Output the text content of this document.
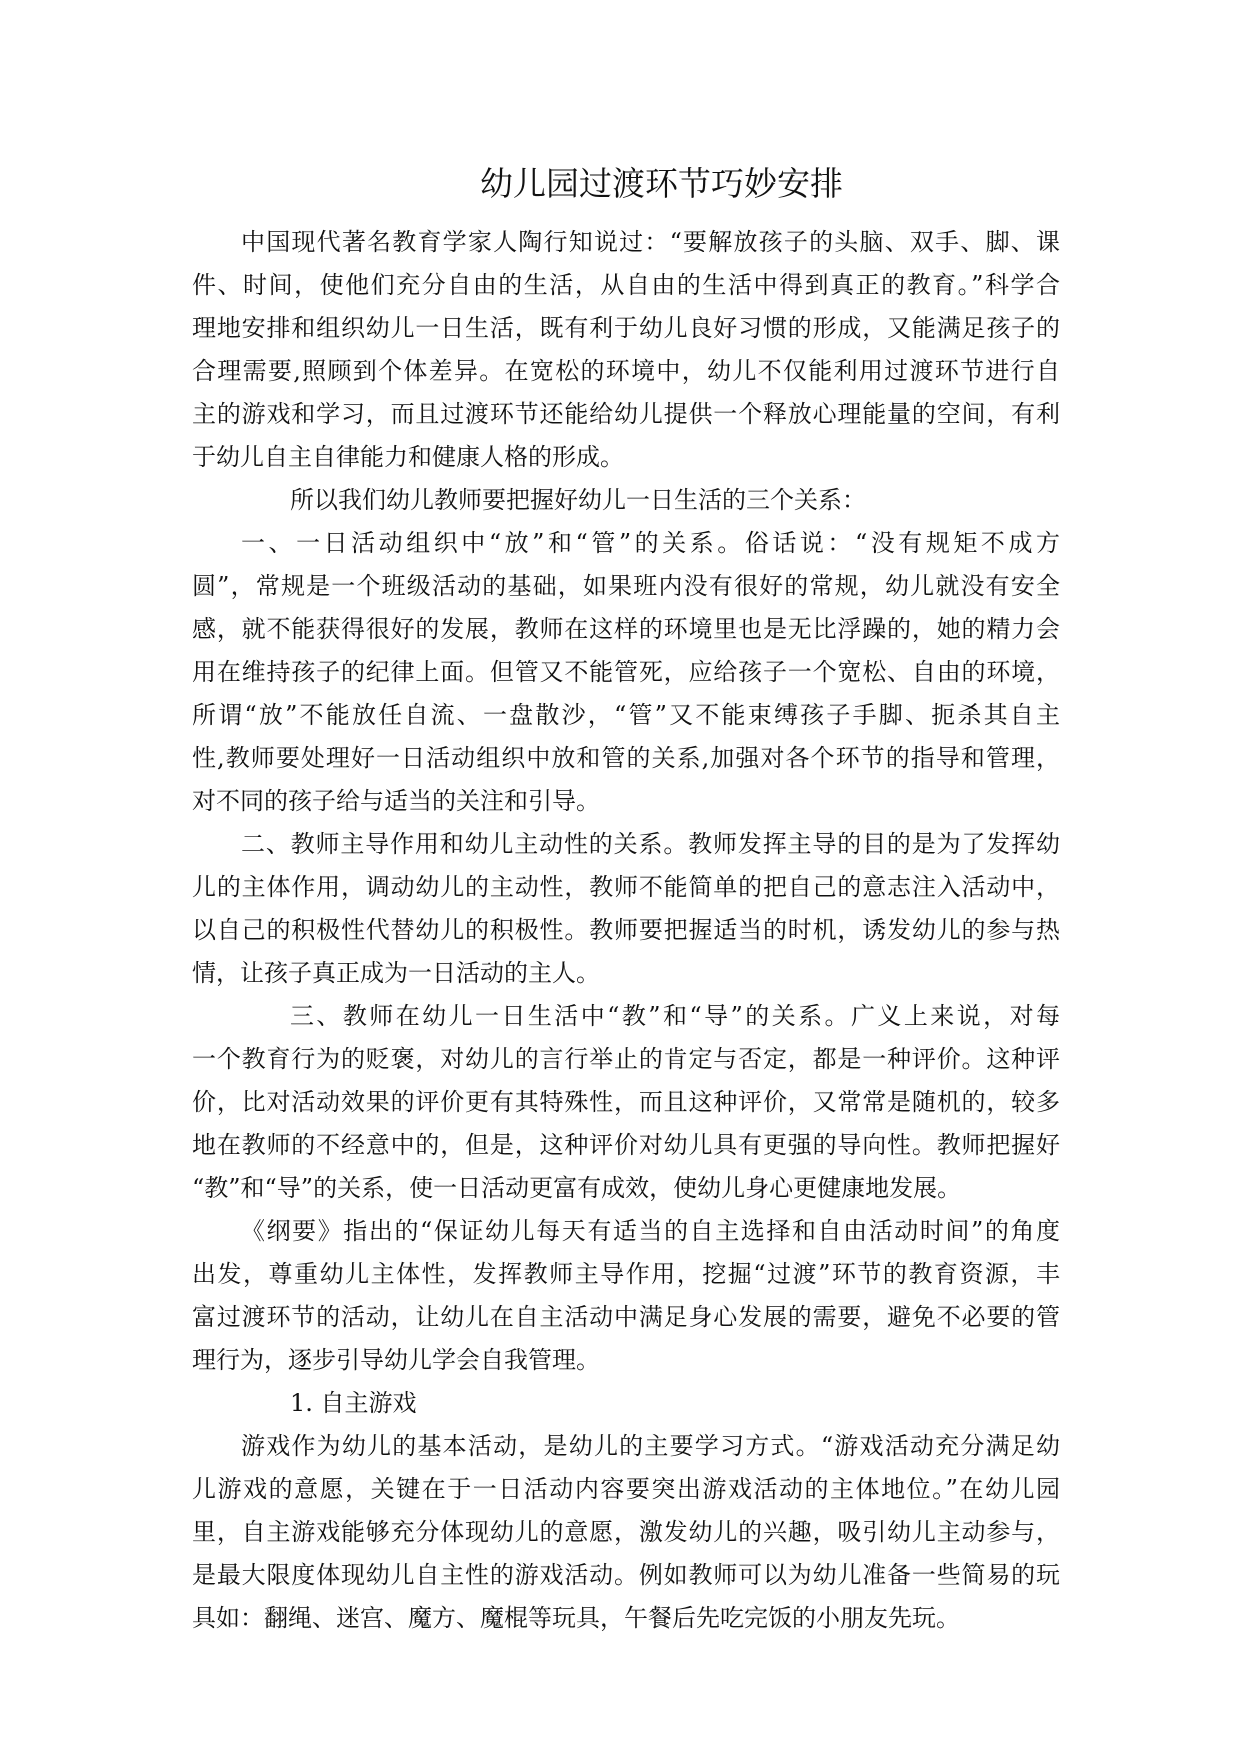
幼儿园过渡环节巧妙安排
中国现代著名教育学家人陶行知说过：“要解放孩子的头脑、双手、脚、课
件、时间，使他们充分自由的生活，从自由的生活中得到真正的教育。”科学合
理地安排和组织幼儿一日生活，既有利于幼儿良好习惯的形成，又能满足孩子的
合理需要,照顾到个体差异。在宽松的环境中，幼儿不仅能利用过渡环节进行自
主的游戏和学习，而且过渡环节还能给幼儿提供一个释放心理能量的空间，有利
于幼儿自主自律能力和健康人格的形成。
所以我们幼儿教师要把握好幼儿一日生活的三个关系：
一、一日活动组织中“放”和“管”的关系。俗话说：“没有规矩不成方
圆”，常规是一个班级活动的基础，如果班内没有很好的常规，幼儿就没有安全
感，就不能获得很好的发展，教师在这样的环境里也是无比浮躁的，她的精力会
用在维持孩子的纪律上面。但管又不能管死，应给孩子一个宽松、自由的环境，
所谓“放”不能放任自流、一盘散沙，“管”又不能束缚孩子手脚、扼杀其自主
性,教师要处理好一日活动组织中放和管的关系,加强对各个环节的指导和管理，
对不同的孩子给与适当的关注和引导。
二、教师主导作用和幼儿主动性的关系。教师发挥主导的目的是为了发挥幼
儿的主体作用，调动幼儿的主动性，教师不能简单的把自己的意志注入活动中，
以自己的积极性代替幼儿的积极性。教师要把握适当的时机，诱发幼儿的参与热
情，让孩子真正成为一日活动的主人。
三、教师在幼儿一日生活中“教”和“导”的关系。广义上来说，对每
一个教育行为的贬褒，对幼儿的言行举止的肯定与否定，都是一种评价。这种评
价，比对活动效果的评价更有其特殊性，而且这种评价，又常常是随机的，较多
地在教师的不经意中的，但是，这种评价对幼儿具有更强的导向性。教师把握好
“教”和“导”的关系，使一日活动更富有成效，使幼儿身心更健康地发展。
《纲要》指出的“保证幼儿每天有适当的自主选择和自由活动时间”的角度
出发，尊重幼儿主体性，发挥教师主导作用，挖掘“过渡”环节的教育资源，丰
富过渡环节的活动，让幼儿在自主活动中满足身心发展的需要，避免不必要的管
理行为，逐步引导幼儿学会自我管理。
1. 自主游戏
游戏作为幼儿的基本活动，是幼儿的主要学习方式。“游戏活动充分满足幼
儿游戏的意愿，关键在于一日活动内容要突出游戏活动的主体地位。”在幼儿园
里，自主游戏能够充分体现幼儿的意愿，激发幼儿的兴趣，吸引幼儿主动参与，
是最大限度体现幼儿自主性的游戏活动。例如教师可以为幼儿准备一些简易的玩
具如：翻绳、迷宫、魔方、魔棍等玩具，午餐后先吃完饭的小朋友先玩。
